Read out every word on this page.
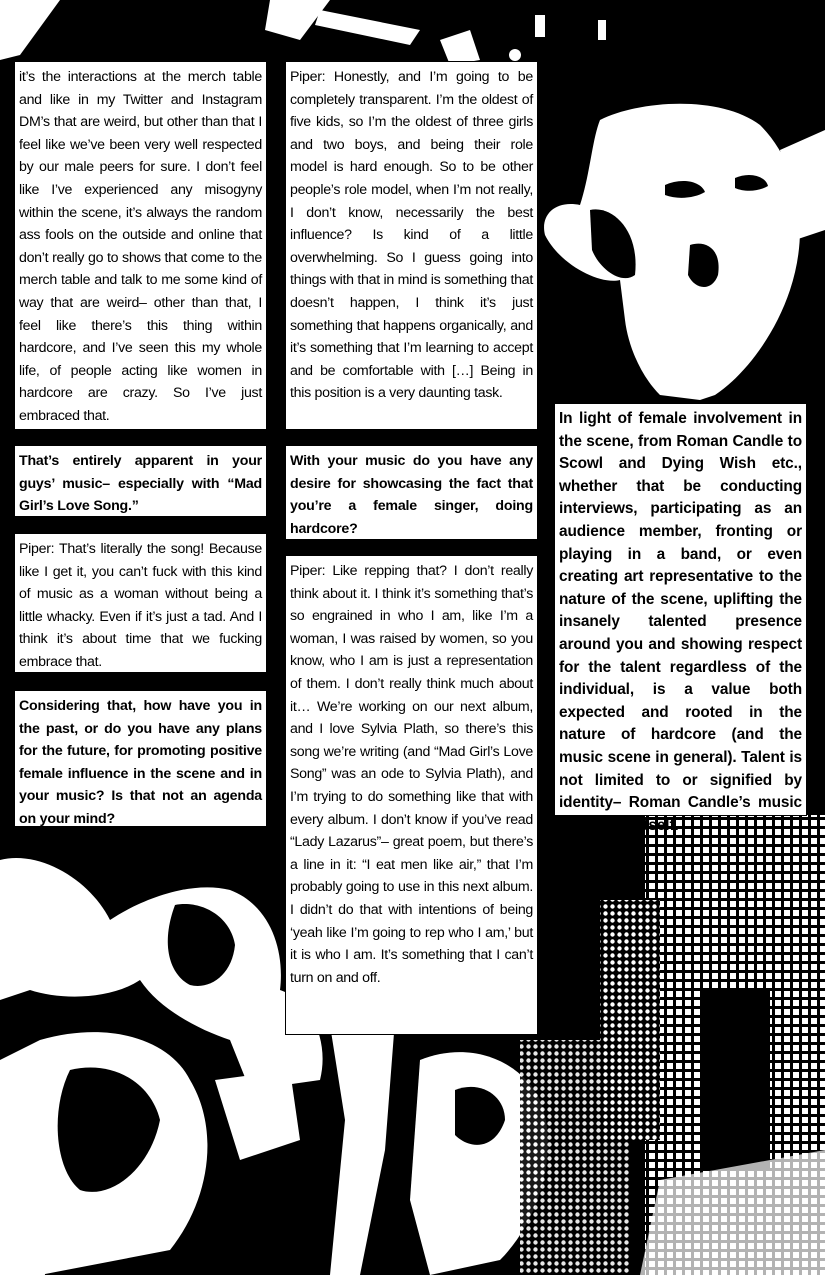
it’s the interactions at the merch table and like in my Twitter and Instagram DM’s that are weird, but other than that I feel like we’ve been very well respected by our male peers for sure. I don’t feel like I’ve experienced any misogyny within the scene, it’s always the random ass fools on the outside and online that don’t really go to shows that come to the merch table and talk to me some kind of way that are weird– other than that, I feel like there’s this thing within hardcore, and I’ve seen this my whole life, of people acting like women in hardcore are crazy. So I’ve just embraced that.
That’s entirely apparent in your guys’ music– especially with “Mad Girl’s Love Song.”
Piper: That’s literally the song! Because like I get it, you can’t fuck with this kind of music as a woman without being a little whacky. Even if it’s just a tad. And I think it’s about time that we fucking embrace that.
Considering that, how have you in the past, or do you have any plans for the future, for promoting positive female influence in the scene and in your music? Is that not an agenda on your mind?
Piper: Honestly, and I’m going to be completely transparent. I’m the oldest of five kids, so I’m the oldest of three girls and two boys, and being their role model is hard enough. So to be other people’s role model, when I’m not really, I don’t know, necessarily the best influence? Is kind of a little overwhelming. So I guess going into things with that in mind is something that doesn’t happen, I think it’s just something that happens organically, and it’s something that I’m learning to accept and be comfortable with […] Being in this position is a very daunting task.
With your music do you have any desire for showcasing the fact that you’re a female singer, doing hardcore?
Piper: Like repping that? I don’t really think about it. I think it’s something that’s so engrained in who I am, like I’m a woman, I was raised by women, so you know, who I am is just a representation of them. I don’t really think much about it… We’re working on our next album, and I love Sylvia Plath, so there’s this song we’re writing (and “Mad Girl’s Love Song” was an ode to Sylvia Plath), and I’m trying to do something like that with every album. I don’t know if you’ve read “Lady Lazarus”– great poem, but there’s a line in it: “I eat men like air,” that I’m probably going to use in this next album. I didn’t do that with intentions of being ‘yeah like I’m going to rep who I am,’ but it is who I am. It’s something that I can’t turn on and off.
In light of female involvement in the scene, from Roman Candle to Scowl and Dying Wish etc., whether that be conducting interviews, participating as an audience member, fronting or playing in a band, or even creating art representative to the nature of the scene, uplifting the insanely talented presence around you and showing respect for the talent regardless of the individual, is a value both expected and rooted in the nature of hardcore (and the music scene in general). Talent is not limited to or signified by identity– Roman Candle’s music speaks for itself.
